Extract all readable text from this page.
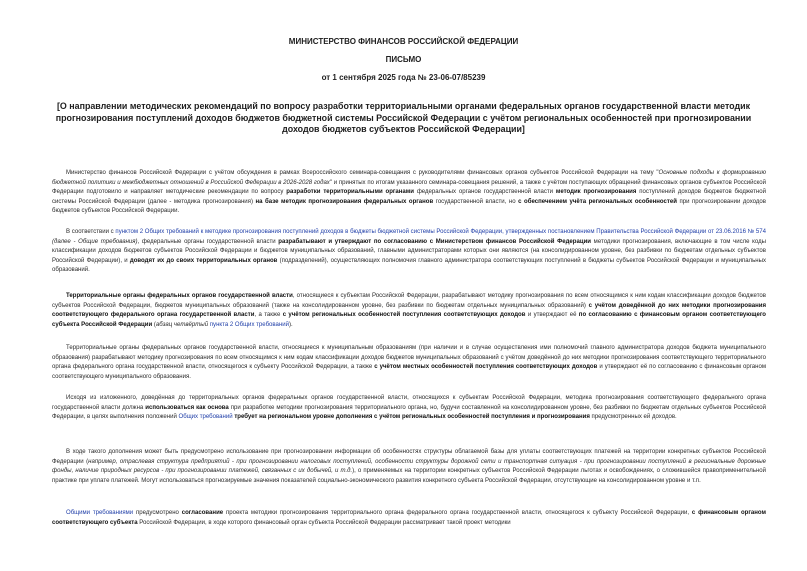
МИНИСТЕРСТВО ФИНАНСОВ РОССИЙСКОЙ ФЕДЕРАЦИИ
ПИСЬМО
от 1 сентября 2025 года № 23-06-07/85239
[О направлении методических рекомендаций по вопросу разработки территориальными органами федеральных органов государственной власти методик прогнозирования поступлений доходов бюджетов бюджетной системы Российской Федерации с учётом региональных особенностей при прогнозировании доходов бюджетов субъектов Российской Федерации]
Министерство финансов Российской Федерации с учётом обсуждения в рамках Всероссийского семинара-совещания с руководителями финансовых органов субъектов Российской Федерации на тему "Основные подходы к формированию бюджетной политики и межбюджетных отношений в Российской Федерации в 2026-2028 годах" и принятых по итогам указанного семинара-совещания решений, а также с учётом поступающих обращений финансовых органов субъектов Российской Федерации подготовило и направляет методические рекомендации по вопросу разработки территориальными органами федеральных органов государственной власти методик прогнозирования поступлений доходов бюджетов бюджетной системы Российской Федерации (далее - методика прогнозирования) на базе методик прогнозирования федеральных органов государственной власти, но с обеспечением учёта региональных особенностей при прогнозировании доходов бюджетов субъектов Российской Федерации.
В соответствии с пунктом 2 Общих требований к методике прогнозирования поступлений доходов в бюджеты бюджетной системы Российской Федерации, утвержденных постановлением Правительства Российской Федерации от 23.06.2016 № 574 (далее - Общие требования), федеральные органы государственной власти разрабатывают и утверждают по согласованию с Министерством финансов Российской Федерации методики прогнозирования, включающие в том числе коды классификации доходов бюджетов субъектов Российской Федерации и бюджетов муниципальных образований, главными администраторами которых они являются (на консолидированном уровне, без разбивки по бюджетам отдельных субъектов Российской Федерации), и доводят их до своих территориальных органов (подразделений), осуществляющих полномочия главного администратора соответствующих поступлений в бюджеты субъектов Российской Федерации и муниципальных образований.
Территориальные органы федеральных органов государственной власти, относящиеся к субъектам Российской Федерации, разрабатывают методику прогнозирования по всем относящимся к ним кодам классификации доходов бюджетов субъектов Российской Федерации, бюджетов муниципальных образований (также на консолидированном уровне, без разбивки по бюджетам отдельных муниципальных образований) с учётом доведённой до них методики прогнозирования соответствующего федерального органа государственной власти, а также с учётом региональных особенностей поступления соответствующих доходов и утверждают её по согласованию с финансовым органом соответствующего субъекта Российской Федерации (абзац четвёртый пункта 2 Общих требований).
Территориальные органы федеральных органов государственной власти, относящиеся к муниципальным образованиям (при наличии и в случае осуществления ими полномочий главного администратора доходов бюджета муниципального образования) разрабатывают методику прогнозирования по всем относящимся к ним кодам классификации доходов бюджетов муниципальных образований с учётом доведённой до них методики прогнозирования соответствующего территориального органа федерального органа государственной власти, относящегося к субъекту Российской Федерации, а также с учётом местных особенностей поступления соответствующих доходов и утверждают её по согласованию с финансовым органом соответствующего муниципального образования.
Исходя из изложенного, доведённая до территориальных органов федеральных органов государственной власти, относящихся к субъектам Российской Федерации, методика прогнозирования соответствующего федерального органа государственной власти должна использоваться как основа при разработке методики прогнозирования территориального органа, но, будучи составленной на консолидированном уровне, без разбивки по бюджетам отдельных субъектов Российской Федерации, в целях выполнения положений Общих требований требует на региональном уровне дополнения с учётом региональных особенностей поступления и прогнозирования предусмотренных ей доходов.
В ходе такого дополнения может быть предусмотрено использование при прогнозировании информации об особенностях структуры облагаемой базы для уплаты соответствующих платежей на территории конкретных субъектов Российской Федерации (например, отраслевая структура предприятий - при прогнозировании налоговых поступлений, особенности структуры дорожной сети и транспортная ситуация - при прогнозировании поступлений в региональные дорожные фонды, наличие природных ресурсов - при прогнозировании платежей, связанных с их добычей, и т.д.), о применяемых на территории конкретных субъектов Российской Федерации льготах и освобождениях, о сложившейся правоприменительной практике при уплате платежей. Могут использоваться прогнозируемые значения показателей социально-экономического развития конкретного субъекта Российской Федерации, отсутствующие на консолидированном уровне и т.п.
Общими требованиями предусмотрено согласование проекта методики прогнозирования территориального органа федерального органа государственной власти, относящегося к субъекту Российской Федерации, с финансовым органом соответствующего субъекта Российской Федерации, в ходе которого финансовый орган субъекта Российской Федерации рассматривает такой проект методики
